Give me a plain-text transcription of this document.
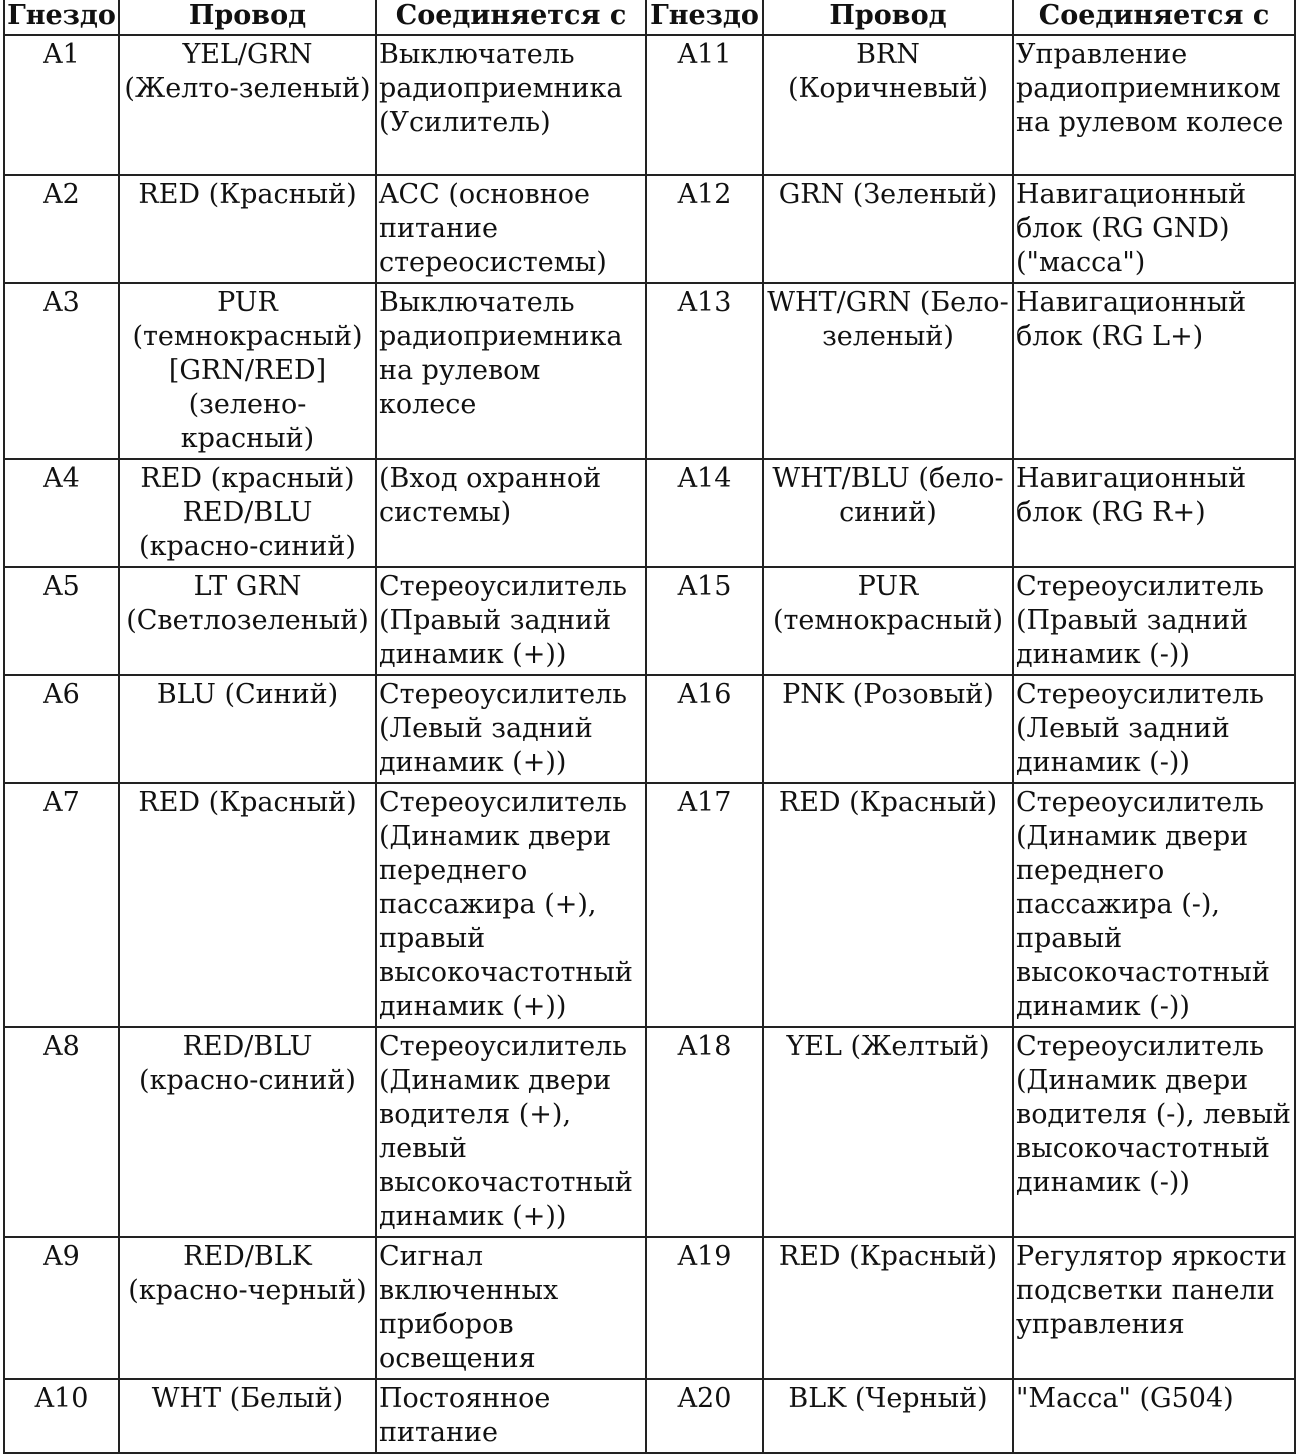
Гнездо	Провод	Соединяется с	Гнездо	Провод	Соединяется с
A1	YEL/GRN (Желто-зеленый)	Выключатель радиоприемника (Усилитель)	A11	BRN (Коричневый)	Управление радиоприемником на рулевом колесе
A2	RED (Красный)	ACC (основное питание стереосистемы)	A12	GRN (Зеленый)	Навигационный блок (RG GND) ("масса")
A3	PUR (темнокрасный) [GRN/RED] (зелено-красный)	Выключатель радиоприемника на рулевом колесе	A13	WHT/GRN (Бело-зеленый)	Навигационный блок (RG L+)
A4	RED (красный) RED/BLU (красно-синий)	(Вход охранной системы)	A14	WHT/BLU (бело-синий)	Навигационный блок (RG R+)
A5	LT GRN (Светлозеленый)	Стереоусилитель (Правый задний динамик (+))	A15	PUR (темнокрасный)	Стереоусилитель (Правый задний динамик (-))
A6	BLU (Синий)	Стереоусилитель (Левый задний динамик (+))	A16	PNK (Розовый)	Стереоусилитель (Левый задний динамик (-))
A7	RED (Красный)	Стереоусилитель (Динамик двери переднего пассажира (+), правый высокочастотный динамик (+))	A17	RED (Красный)	Стереоусилитель (Динамик двери переднего пассажира (-), правый высокочастотный динамик (-))
A8	RED/BLU (красно-синий)	Стереоусилитель (Динамик двери водителя (+), левый высокочастотный динамик (+))	A18	YEL (Желтый)	Стереоусилитель (Динамик двери водителя (-), левый высокочастотный динамик (-))
A9	RED/BLK (красно-черный)	Сигнал включенных приборов освещения	A19	RED (Красный)	Регулятор яркости подсветки панели управления
A10	WHT (Белый)	Постоянное питание	A20	BLK (Черный)	"Масса" (G504)
